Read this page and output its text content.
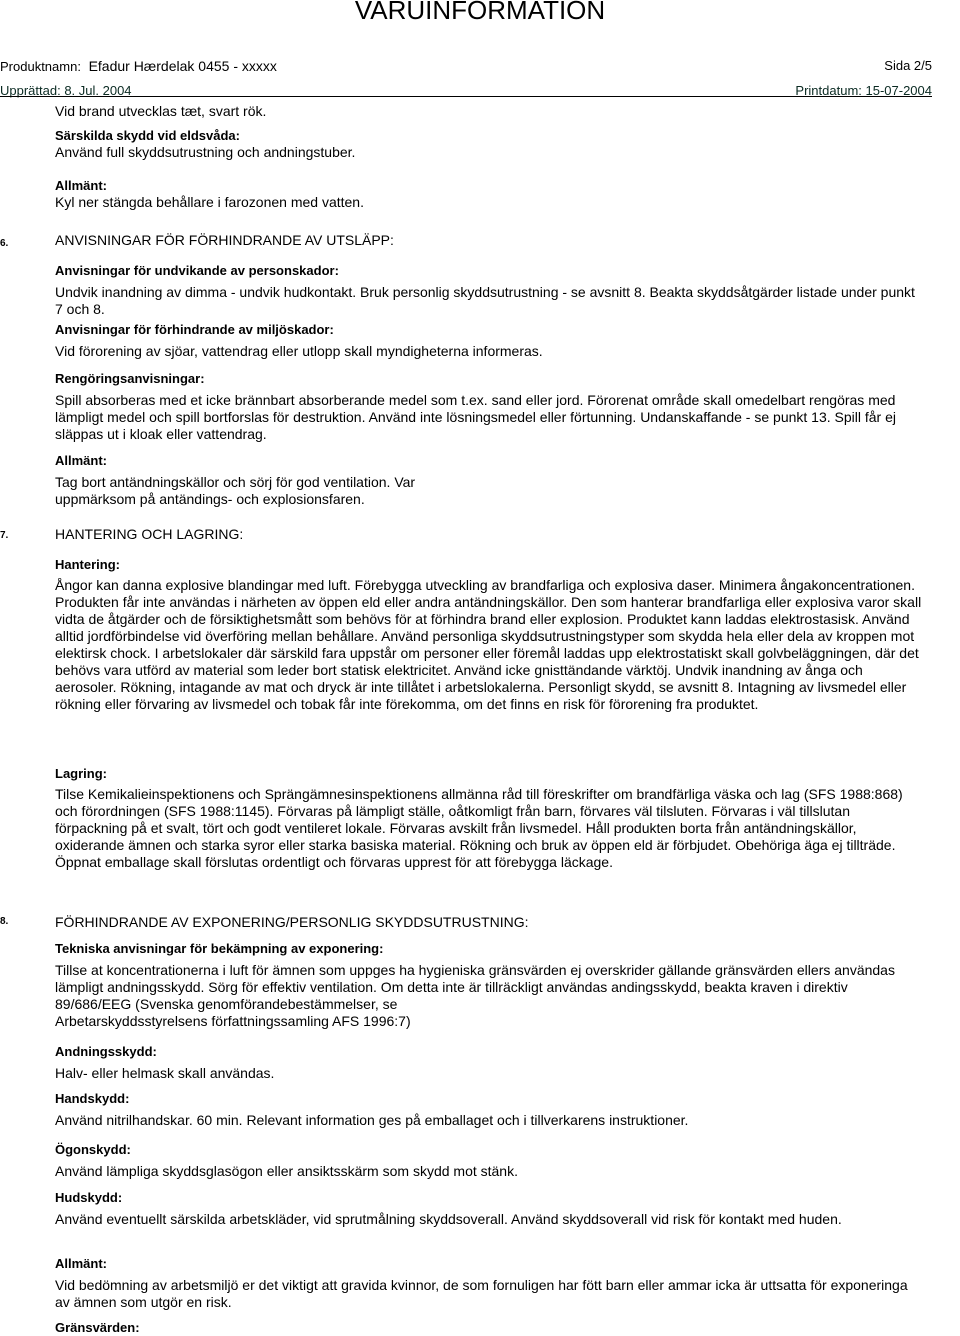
VARUINFORMATION
Produktnamn: Efadur Hærdelak 0455 - xxxxx	Sida 2/5
Upprättad: 8. Jul. 2004	Printdatum: 15-07-2004

Vid brand utvecklas tæt, svart rök.

Särskilda skydd vid eldsvåda:

Använd full skyddsutrustning och andningstuber.

Allmänt:

Kyl ner stängda behållare i farozonen med vatten.

6.	ANVISNINGAR FÖR FÖRHINDRANDE AV UTSLÄPP:

Anvisningar för undvikande av personskador:

Undvik inandning av dimma - undvik hudkontakt. Bruk personlig skyddsutrustning - se avsnitt 8. Beakta skyddsåtgärder listade under punkt 7 och 8.

Anvisningar för förhindrande av miljöskador:

Vid förorening av sjöar, vattendrag eller utlopp skall myndigheterna informeras.

Rengöringsanvisningar:

Spill absorberas med et icke brännbart absorberande medel som t.ex. sand eller jord. Förorenat område skall omedelbart rengöras med lämpligt medel och spill bortforslas för destruktion. Använd inte lösningsmedel eller förtunning. Undanskaffande - se punkt 13. Spill får ej släppas ut i kloak eller vattendrag.

Allmänt:

Tag bort antändningskällor och sörj för god ventilation. Var uppmärksom på antändings- och explosionsfaren.

7.	HANTERING OCH LAGRING:

Hantering:

Ångor kan danna explosive blandingar med luft. Förebygga utveckling av brandfarliga och explosiva daser. Minimera ångakoncentrationen. Produkten får inte användas i närheten av öppen eld eller andra antändningskällor. Den som hanterar brandfarliga eller explosiva varor skall vidta de åtgärder och de försiktighetsmått som behövs för at förhindra brand eller explosion. Produktet kann laddas elektrostasisk. Använd alltid jordförbindelse vid överföring mellan behållare. Använd personliga skyddsutrustningstyper som skydda hela eller dela av kroppen mot elektirsk chock. I arbetslokaler där särskild fara uppstår om personer eller föremål laddas upp elektrostatiskt skall golvbeläggningen, där det behövs vara utförd av material som leder bort statisk elektricitet. Använd icke gnisttändande värktöj. Undvik inandning av ånga och aerosoler. Rökning, intagande av mat och dryck är inte tillåtet i arbetslokalerna. Personligt skydd, se avsnitt 8. Intagning av livsmedel eller rökning eller förvaring av livsmedel och tobak får inte förekomma, om det finns en risk för förorening fra produktet.

Lagring:

Tilse Kemikalieinspektionens och Sprängämnesinspektionens allmänna råd till föreskrifter om brandfärliga väska och lag (SFS 1988:868) och förordningen (SFS 1988:1145). Förvaras på lämpligt ställe, oåtkomligt från barn, förvares väl tilsluten. Förvaras i väl tillslutan förpackning på et svalt, tört och godt ventileret lokale. Förvaras avskilt från livsmedel. Håll produkten borta från antändningskällor, oxiderande ämnen och starka syror eller starka basiska material. Rökning och bruk av öppen eld är förbjudet. Obehöriga äga ej tillträde. Öppnat emballage skall förslutas ordentligt och förvaras upprest för att förebygga läckage.

8.	FÖRHINDRANDE AV EXPONERING/PERSONLIG SKYDDSUTRUSTNING:

Tekniska anvisningar för bekämpning av exponering:

Tillse at koncentrationerna i luft för ämnen som uppges ha hygieniska gränsvärden ej overskrider gällande gränsvärden ellers användas lämpligt andningsskydd. Sörg för effektiv ventilation. Om detta inte är tillräckligt användas andingsskydd, beakta kraven i direktiv 89/686/EEG (Svenska genomförandebestämmelser, se

Arbetarskyddsstyrelsens författningssamling AFS 1996:7)

Andningsskydd:

Halv- eller helmask skall användas.

Handskydd:

Använd nitrilhandskar. 60 min. Relevant information ges på emballaget och i tillverkarens instruktioner.

Ögonskydd:

Använd lämpliga skyddsglasögon eller ansiktsskärm som skydd mot stänk.

Hudskydd:

Använd eventuellt särskilda arbetskläder, vid sprutmålning skyddsoverall. Använd skyddsoverall vid risk för kontakt med huden.

Allmänt:

Vid bedömning av arbetsmiljö er det viktigt att gravida kvinnor, de som fornuligen har fött barn eller ammar icka är uttsatta för exponeringa av ämnen som utgör en risk.

Gränsvärden:
